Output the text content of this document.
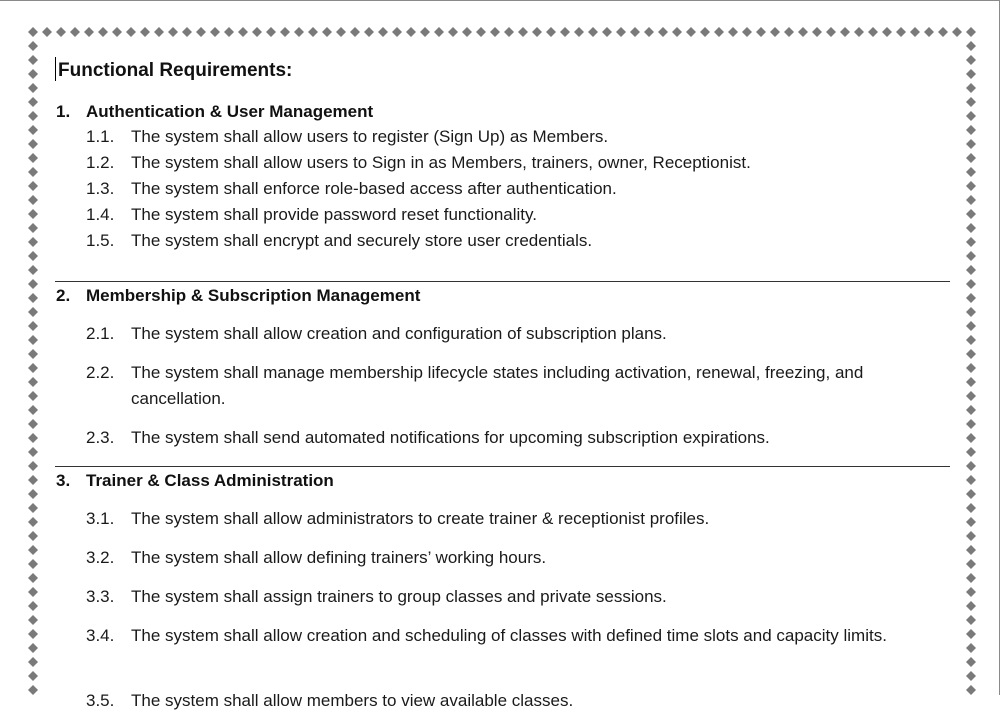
Functional Requirements:
1. Authentication & User Management
1.1. The system shall allow users to register (Sign Up) as Members.
1.2. The system shall allow users to Sign in as Members, trainers, owner, Receptionist.
1.3. The system shall enforce role-based access after authentication.
1.4. The system shall provide password reset functionality.
1.5. The system shall encrypt and securely store user credentials.
2. Membership & Subscription Management
2.1. The system shall allow creation and configuration of subscription plans.
2.2. The system shall manage membership lifecycle states including activation, renewal, freezing, and cancellation.
2.3. The system shall send automated notifications for upcoming subscription expirations.
3. Trainer & Class Administration
3.1. The system shall allow administrators to create trainer & receptionist profiles.
3.2. The system shall allow defining trainers’ working hours.
3.3. The system shall assign trainers to group classes and private sessions.
3.4. The system shall allow creation and scheduling of classes with defined time slots and capacity limits.
3.5. The system shall allow members to view available classes.
